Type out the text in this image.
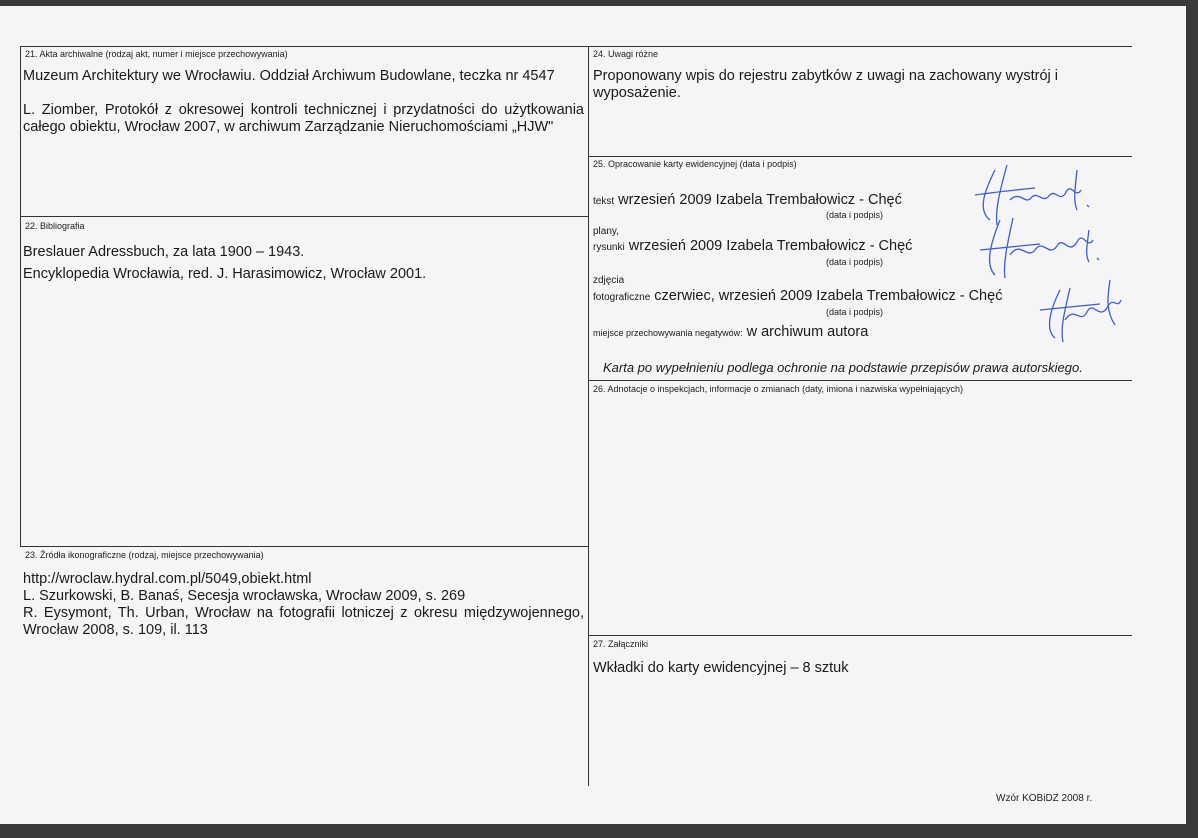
21. Akta archiwalne (rodzaj akt, numer i miejsce przechowywania)
Muzeum Architektury we Wrocławiu. Oddział Archiwum Budowlane, teczka nr 4547
L. Ziomber, Protokół z okresowej kontroli technicznej i przydatności do użytkowania całego obiektu, Wrocław 2007, w archiwum Zarządzanie Nieruchomościami „HJW"
22. Bibliografia
Breslauer Adressbuch, za lata 1900 – 1943.
Encyklopedia Wrocławia, red. J. Harasimowicz, Wrocław 2001.
23. Źródła ikonograficzne (rodzaj, miejsce przechowywania)
http://wroclaw.hydral.com.pl/5049,obiekt.html
L. Szurkowski, B. Banaś, Secesja wrocławska, Wrocław 2009, s. 269
R. Eysymont, Th. Urban, Wrocław na fotografii lotniczej z okresu międzywojennego, Wrocław 2008, s. 109, il. 113
24. Uwagi różne
Proponowany wpis do rejestru zabytków z uwagi na zachowany wystrój i wyposażenie.
25. Opracowanie karty ewidencyjnej (data i podpis)
tekst wrzesień 2009 Izabela Trembałowicz - Chęć
(data i podpis)
plany,
rysunki wrzesień 2009 Izabela Trembałowicz - Chęć
(data i podpis)
zdjęcia
fotograficzne czerwiec, wrzesień 2009 Izabela Trembałowicz - Chęć
(data i podpis)
miejsce przechowywania negatywów: w archiwum autora
Karta po wypełnieniu podlega ochronie na podstawie przepisów prawa autorskiego.
26. Adnotacje o inspekcjach, informacje o zmianach (daty, imiona i nazwiska wypełniających)
27. Załączniki
Wkładki do karty ewidencyjnej – 8 sztuk
Wzór KOBiDZ 2008 r.
